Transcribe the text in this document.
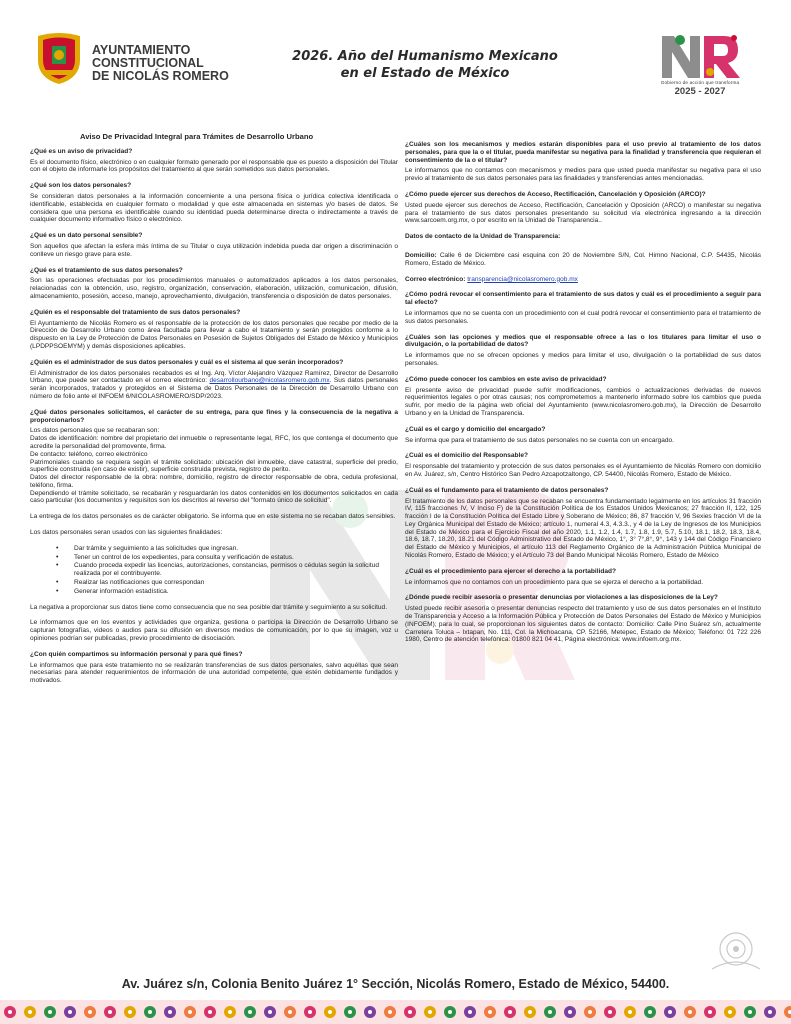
AYUNTAMIENTO
CONSTITUCIONAL
DE NICOLÁS ROMERO
2026. Año del Humanismo Mexicano
en el Estado de México
Gobierno de acción que transforma
2025 - 2027
Aviso De Privacidad Integral para Trámites de Desarrollo Urbano
¿Qué es un aviso de privacidad?
Es el documento físico, electrónico o en cualquier formato generado por el responsable que es puesto a disposición del Titular con el objeto de informarle los propósitos del tratamiento al que serán sometidos sus datos personales.
¿Qué son los datos personales?
Se consideran datos personales a la información concerniente a una persona física o jurídica colectiva identificada o identificable, establecida en cualquier formato o modalidad y que este almacenada en sistemas y/o bases de datos. Se considera que una persona es identificable cuando su identidad pueda determinarse directa o indirectamente a través de cualquier documento informativo físico o electrónico.
¿Qué es un dato personal sensible?
Son aquellos que afectan la esfera más íntima de su Titular o cuya utilización indebida pueda dar origen a discriminación o conlleve un riesgo grave para este.
¿Qué es el tratamiento de sus datos personales?
Son las operaciones efectuadas por los procedimientos manuales o automatizados aplicados a los datos personales, relacionadas con la obtención, uso, registro, organización, conservación, elaboración, utilización, comunicación, difusión, almacenamiento, posesión, acceso, manejo, aprovechamiento, divulgación, transferencia o disposición de datos personales.
¿Quién es el responsable del tratamiento de sus datos personales?
El Ayuntamiento de Nicolás Romero es el responsable de la protección de los datos personales que recabe por medio de la Dirección de Desarrollo Urbano como área facultada para llevar a cabo el tratamiento y serán protegidos conforme a lo dispuesto en la Ley de Protección de Datos Personales en Posesión de Sujetos Obligados del Estado de México y Municipios (LPDPPSOEMYM) y demás disposiciones aplicables.
¿Quién es el administrador de sus datos personales y cuál es el sistema al que serán incorporados?
El Administrador de los datos personales recabados es el Ing. Arq. Víctor Alejandro Vázquez Ramírez, Director de Desarrollo Urbano, que puede ser contactado en el correo electrónico: desarrollourbano@nicolasromero.gob.mx. Sus datos personales serán incorporados, tratados y protegidos en el Sistema de Datos Personales de la Dirección de Desarrollo Urbano con número de folio ante el INFOEM 6/NICOLASROMERO/SDP/2023.
¿Qué datos personales solicitamos, el carácter de su entrega, para que fines y la consecuencia de la negativa a proporcionarlos?
Los datos personales que se recabaran son:
Datos de identificación: nombre del propietario del inmueble o representante legal, RFC, los que contenga el documento que acredite la personalidad del promovente, firma.
De contacto: teléfono, correo electrónico
Patrimoniales cuando se requiera según el trámite solicitado: ubicación del inmueble, clave catastral, superficie del predio, superficie construida (en caso de existir), superficie construida prevista, registro de perito.
Datos del director responsable de la obra: nombre, domicilio, registro de director responsable de obra, cedula profesional, teléfono, firma.
Dependiendo el trámite solicitado, se recabarán y resguardarán los datos contenidos en los documentos solicitados en cada caso particular (los documentos y requisitos son los descritos al reverso del "formato único de solicitud".
La entrega de los datos personales es de carácter obligatorio. Se informa que en este sistema no se recaban datos sensibles.
Los datos personales seran usados con las siguientes finalidades:
• Dar trámite y seguimiento a las solicitudes que ingresan.
• Tener un control de los expedientes, para consulta y verificación de estatus.
• Cuando proceda expedir las licencias, autorizaciones, constancias, permisos o cédulas según la solicitud realizada por el contribuyente.
• Realizar las notificaciones que correspondan
• Generar información estadística.
La negativa a proporcionar sus datos tiene como consecuencia que no sea posible dar trámite y seguimiento a su solicitud.
Le informamos que en los eventos y actividades que organiza, gestiona o participa la Dirección de Desarrollo Urbano se capturan fotografías, videos o audios para su difusión en diversos medios de comunicación, por lo que su imagen, voz u opiniones podrían ser publicadas, previo procedimiento de disociación.
¿Con quién compartimos su información personal y para qué fines?
Le informamos que para este tratamiento no se realizarán transferencias de sus datos personales, salvo aquéllas que sean necesarias para atender requerimientos de información de una autoridad competente, que estén debidamente fundados y motivados.
¿Cuáles son los mecanismos y medios estarán disponibles para el uso previo al tratamiento de los datos personales, para que la o el titular, pueda manifestar su negativa para la finalidad y transferencia que requieran el consentimiento de la o el titular?
Le informamos que no contamos con mecanismos y medios para que usted pueda manifestar su negativa para el uso previo al tratamiento de sus datos personales para las finalidades y transferencias antes mencionadas.
¿Cómo puede ejercer sus derechos de Acceso, Rectificación, Cancelación y Oposición (ARCO)?
Usted puede ejercer sus derechos de Acceso, Rectificación, Cancelación y Oposición (ARCO) o manifestar su negativa para el tratamiento de sus datos personales presentando su solicitud vía electrónica ingresando a la dirección www.sarcoem.org.mx, o por escrito en la Unidad de Transparencia..
Datos de contacto de la Unidad de Transparencia:
Domicilio: Calle 6 de Diciembre casi esquina con 20 de Noviembre S/N, Col. Himno Nacional, C.P. 54435, Nicolás Romero, Estado de México.
Correo electrónico: transparencia@nicolasromero.gob.mx
¿Cómo podrá revocar el consentimiento para el tratamiento de sus datos y cuál es el procedimiento a seguir para tal efecto?
Le informamos que no se cuenta con un procedimiento con el cual podrá revocar el consentimiento para el tratamiento de sus datos personales.
¿Cuáles son las opciones y medios que el responsable ofrece a las o los titulares para limitar el uso o divulgación, o la portabilidad de datos?
Le informamos que no se ofrecen opciones y medios para limitar el uso, divulgación o la portabilidad de sus datos personales.
¿Cómo puede conocer los cambios en este aviso de privacidad?
El presente aviso de privacidad puede sufrir modificaciones, cambios o actualizaciones derivadas de nuevos requerimientos legales o por otras causas; nos comprometemos a mantenerlo informado sobre los cambios que pueda sufrir, por medio de la página web oficial del Ayuntamiento (www.nicolasromero.gob.mx), la Dirección de Desarrollo Urbano y en la Unidad de Transparencia.
¿Cuál es el cargo y domicilio del encargado?
Se informa que para el tratamiento de sus datos personales no se cuenta con un encargado.
¿Cuál es el domicilio del Responsable?
El responsable del tratamiento y protección de sus datos personales es el Ayuntamiento de Nicolás Romero con domicilio en Av. Juárez, s/n, Centro Histórico San Pedro Azcapotzaltongo, CP. 54400, Nicolás Romero, Estado de México.
¿Cuál es el fundamento para el tratamiento de datos personales?
El tratamiento de los datos personales que se recaban se encuentra fundamentado legalmente en los artículos 31 fracción IV, 115 fracciones IV, V Inciso F) de la Constitución Política de los Estados Unidos Mexicanos; 27 fracción II, 122, 125 fracción I de la Constitución Política del Estado Libre y Soberano de México; 86, 87 fracción V, 96 Sexies fracción VI de la Ley Orgánica Municipal del Estado de México; artículo 1, numeral 4.3, 4.3.3., y 4 de la Ley de Ingresos de los Municipios del Estado de México para el Ejercicio Fiscal del año 2020, 1.1, 1.2, 1.4, 1.7, 1.8, 1.9, 5.7, 5.10, 18.1, 18.2, 18.3, 18.4, 18.6, 18.7, 18.20, 18.21 del Código Administrativo del Estado de México, 1°, 3° 7°,8°, 9°, 143 y 144 del Código Financiero del Estado de México y Municipios, el artículo 113 del Reglamento Orgánico de la Administración Pública Municipal de Nicolás Romero, Estado de México; y el Artículo 73 del Bando Municipal Nicolás Romero, Estado de México
¿Cuál es el procedimiento para ejercer el derecho a la portabilidad?
Le informamos que no contamos con un procedimiento para que se ejerza el derecho a la portabilidad.
¿Dónde puede recibir asesoría o presentar denuncias por violaciones a las disposiciones de la Ley?
Usted puede recibir asesoría o presentar denuncias respecto del tratamiento y uso de sus datos personales en el Instituto de Transparencia y Acceso a la Información Pública y Protección de Datos Personales del Estado de México y Municipios (INFOEM); para lo cual, se proporcionan los siguientes datos de contacto: Domicilio: Calle Pino Suárez s/n, actualmente Carretera Toluca – Ixtapan, No. 111, Col. la Michoacana, CP. 52166, Metepec, Estado de México; Teléfono: 01 722 226 1980, Centro de atención telefónica: 01800 821 04 41, Página electrónica: www.infoem.org.mx.
Av. Juárez s/n, Colonia Benito Juárez 1° Sección, Nicolás Romero, Estado de México, 54400.
